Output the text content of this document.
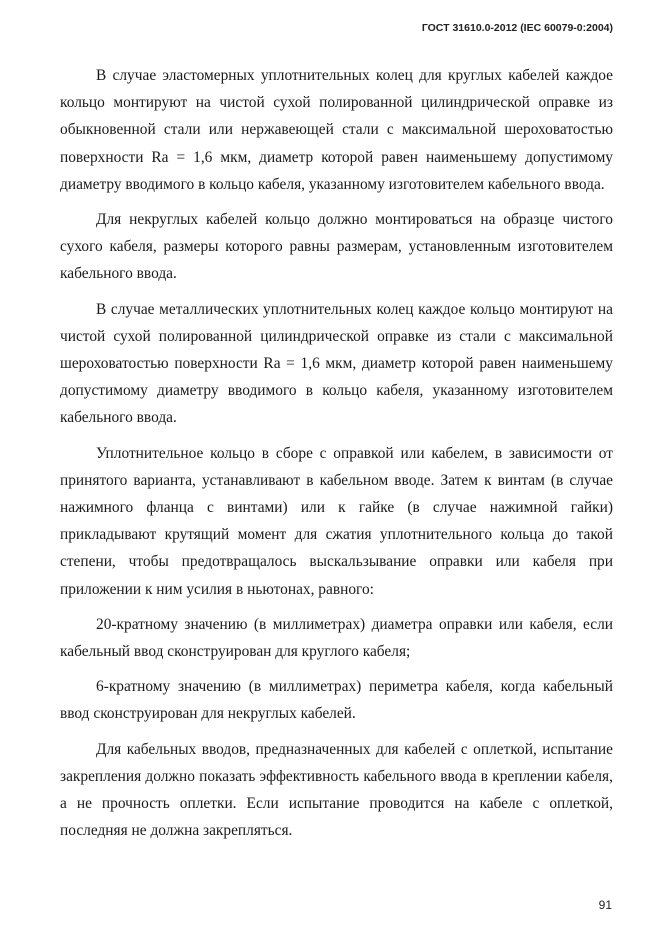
ГОСТ 31610.0-2012 (IEC 60079-0:2004)

В случае эластомерных уплотнительных колец для круглых кабелей каждое кольцо монтируют на чистой сухой полированной цилиндрической оправке из обыкновенной стали или нержавеющей стали с максимальной шероховатостью поверхности Ra = 1,6 мкм, диаметр которой равен наименьшему допустимому диаметру вводимого в кольцо кабеля, указанному изготовителем кабельного ввода.

Для некруглых кабелей кольцо должно монтироваться на образце чистого сухого кабеля, размеры которого равны размерам, установленным изготовителем кабельного ввода.

В случае металлических уплотнительных колец каждое кольцо монтируют на чистой сухой полированной цилиндрической оправке из стали с максимальной шероховатостью поверхности Ra = 1,6 мкм, диаметр которой равен наименьшему допустимому диаметру вводимого в кольцо кабеля, указанному изготовителем кабельного ввода.

Уплотнительное кольцо в сборе с оправкой или кабелем, в зависимости от принятого варианта, устанавливают в кабельном вводе. Затем к винтам (в случае нажимного фланца с винтами) или к гайке (в случае нажимной гайки) прикладывают крутящий момент для сжатия уплотнительного кольца до такой степени, чтобы предотвращалось выскальзывание оправки или кабеля при приложении к ним усилия в ньютонах, равного:

20-кратному значению (в миллиметрах) диаметра оправки или кабеля, если кабельный ввод сконструирован для круглого кабеля;

6-кратному значению (в миллиметрах) периметра кабеля, когда кабельный ввод сконструирован для некруглых кабелей.

Для кабельных вводов, предназначенных для кабелей с оплеткой, испытание закрепления должно показать эффективность кабельного ввода в креплении кабеля, а не прочность оплетки. Если испытание проводится на кабеле с оплеткой, последняя не должна закрепляться.

91
